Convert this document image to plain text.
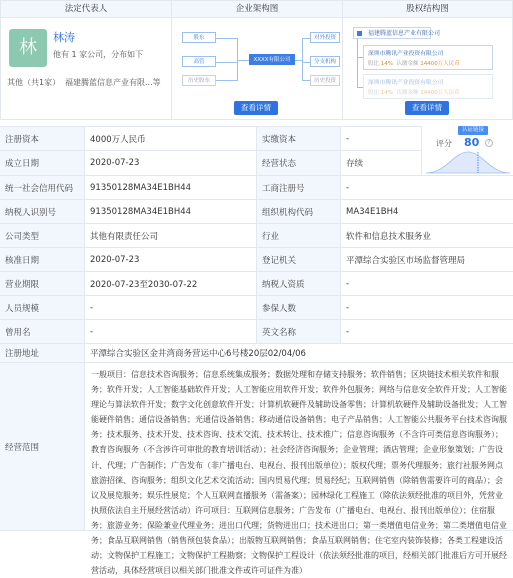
法定代表人
林	林涛
他有 1 家公司，分布如下
其他（共1家） 福建腾蓝信息产业有限...等
企业架构图
股东
高管
历史股东
XXXX有限公司
对外投资
分支机构
历史投资
查看详情
股权结构图
福建腾蓝信息产业有限公司
深圳市腾讯产业投资有限公司
股比 14% 认缴金额 14400万人民币
深圳市腾讯产业投资有限公司
股比 14% 认缴金额 14400万人民币
查看详情
注册资本	4000万人民币	实缴资本	-
成立日期	2020-07-23	经营状态	存续
统一社会信用代码	91350128MA34E1BH44	工商注册号	-
纳税人识别号	91350128MA34E1BH44	组织机构代码	MA34E1BH4
公司类型	其他有限责任公司	行业	软件和信息技术服务业
核准日期	2020-07-23	登记机关	平潭综合实验区市场监督管理局
营业期限	2020-07-23至2030-07-22	纳税人资质	-
人员规模	-	参保人数	-
曾用名	-	英文名称	-
注册地址	平潭综合实验区金井湾商务营运中心6号楼20层02/04/06
经营范围
一般项目：信息技术咨询服务；信息系统集成服务；数据处理和存储支持服务；软件销售；区块链技术相关软件和服务；软件开发；人工智能基础软件开发；人工智能应用软件开发；软件外包服务；网络与信息安全软件开发；人工智能理论与算法软件开发；数字文化创意软件开发；计算机软硬件及辅助设备零售；计算机软硬件及辅助设备批发；人工智能硬件销售；通信设备销售；光通信设备销售；移动通信设备销售；电子产品销售；人工智能公共服务平台技术咨询服务；技术服务、技术开发、技术咨询、技术交流、技术转让、技术推广；信息咨询服务（不含许可类信息咨询服务）；教育咨询服务（不含涉许可审批的教育培训活动）；社会经济咨询服务；企业管理；酒店管理；企业形象策划；广告设计、代理；广告制作；广告发布（非广播电台、电视台、报刊出版单位）；版权代理；票务代理服务；旅行社服务网点旅游招徕、咨询服务；组织文化艺术交流活动；国内贸易代理；贸易经纪；互联网销售（除销售需要许可的商品）；会议及展览服务；娱乐性展览；个人互联网直播服务（需备案）；园林绿化工程施工（除依法须经批准的项目外，凭营业执照依法自主开展经营活动）许可项目：互联网信息服务；广告发布（广播电台、电视台、报刊出版单位）；住宿服务；旅游业务；保险兼业代理业务；进出口代理；货物进出口；技术进出口；第一类增值电信业务；第二类增值电信业务；食品互联网销售（销售预包装食品）；出版物互联网销售；食品互联网销售；住宅室内装饰装修；各类工程建设活动；文物保护工程施工；文物保护工程勘察；文物保护工程设计（依法须经批准的项目，经相关部门批准后方可开展经营活动，具体经营项目以相关部门批准文件或许可证件为准）
认证链接
评分 80	?
